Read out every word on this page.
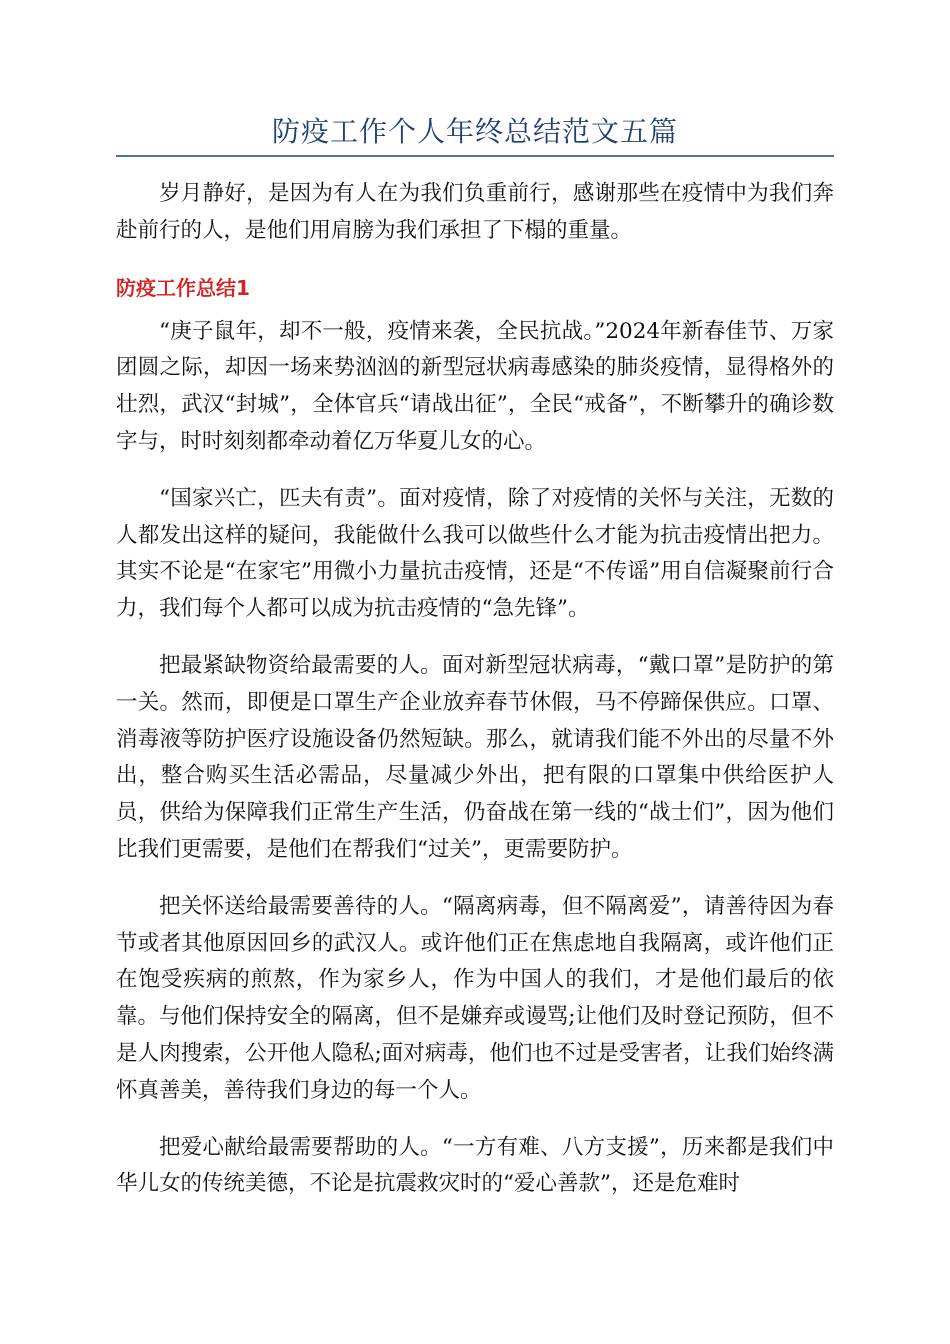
防疫工作个人年终总结范文五篇

岁月静好，是因为有人在为我们负重前行，感谢那些在疫情中为我们奔赴前行的人，是他们用肩膀为我们承担了下榻的重量。

防疫工作总结1

“庚子鼠年，却不一般，疫情来袭，全民抗战。”2024年新春佳节、万家团圆之际，却因一场来势汹汹的新型冠状病毒感染的肺炎疫情，显得格外的壮烈，武汉“封城”，全体官兵“请战出征”，全民“戒备”，不断攀升的确诊数字与，时时刻刻都牵动着亿万华夏儿女的心。

“国家兴亡，匹夫有责”。面对疫情，除了对疫情的关怀与关注，无数的人都发出这样的疑问，我能做什么我可以做些什么才能为抗击疫情出把力。其实不论是“在家宅”用微小力量抗击疫情，还是“不传谣”用自信凝聚前行合力，我们每个人都可以成为抗击疫情的“急先锋”。

把最紧缺物资给最需要的人。面对新型冠状病毒，“戴口罩”是防护的第一关。然而，即便是口罩生产企业放弃春节休假，马不停蹄保供应。口罩、消毒液等防护医疗设施设备仍然短缺。那么，就请我们能不外出的尽量不外出，整合购买生活必需品，尽量减少外出，把有限的口罩集中供给医护人员，供给为保障我们正常生产生活，仍奋战在第一线的“战士们”，因为他们比我们更需要，是他们在帮我们“过关”，更需要防护。

把关怀送给最需要善待的人。“隔离病毒，但不隔离爱”，请善待因为春节或者其他原因回乡的武汉人。或许他们正在焦虑地自我隔离，或许他们正在饱受疾病的煎熬，作为家乡人，作为中国人的我们，才是他们最后的依靠。与他们保持安全的隔离，但不是嫌弃或谩骂;让他们及时登记预防，但不是人肉搜索，公开他人隐私;面对病毒，他们也不过是受害者，让我们始终满怀真善美，善待我们身边的每一个人。

把爱心献给最需要帮助的人。“一方有难、八方支援”，历来都是我们中华儿女的传统美德，不论是抗震救灾时的“爱心善款”，还是危难时
